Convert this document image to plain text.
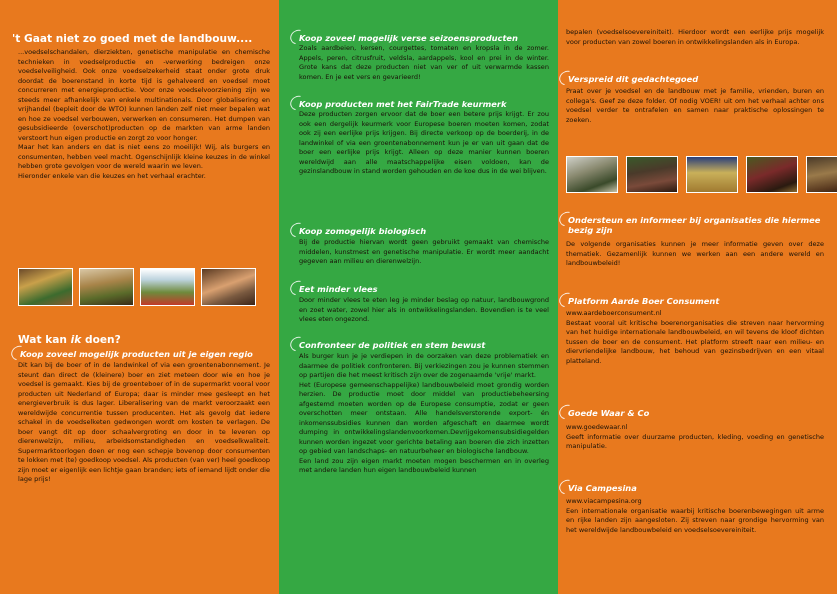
't Gaat niet zo goed met de landbouw....

...voedselschandalen, dierziekten, genetische manipulatie en chemische technieken in voedselproductie en -verwerking bedreigen onze voedselveiligheid. Ook onze voedselzekerheid staat onder grote druk doordat de boerenstand in korte tijd is gehalveerd en voedsel moet concurreren met energieproductie. Voor onze voedselvoorziening zijn we steeds meer afhankelijk van enkele multinationals. Door globalisering en vrijhandel (bepleit door de WTO) kunnen landen zelf niet meer bepalen wat en hoe ze voedsel verbouwen, verwerken en consumeren. Het dumpen van gesubsidieerde (overschot)producten op de markten van arme landen verstoort hun eigen productie en zorgt zo voor honger.

Maar het kan anders en dat is niet eens zo moeilijk! Wij, als burgers en consumenten, hebben veel macht. Ogenschijnlijk kleine keuzes in de winkel hebben grote gevolgen voor de wereld waarin we leven.

Hieronder enkele van die keuzes en het verhaal erachter.

Wat kan ik doen?
Koop zoveel mogelijk producten uit je eigen regio

Dit kan bij de boer of in de landwinkel of via een groentenabonnement. Je steunt dan direct de (kleinere) boer en ziet meteen door wie en hoe je voedsel is gemaakt. Kies bij de groenteboer of in de supermarkt vooral voor producten uit Nederland of Europa; daar is minder mee gesleept en het energieverbruik is dus lager. Liberalisering van de markt veroorzaakt een wereldwijde concurrentie tussen producenten. Het als gevolg dat iedere schakel in de voedselketen gedwongen wordt om kosten te verlagen. De boer vangt dit op door schaalvergroting en door in te leveren op dierenwelzijn, milieu, arbeidsomstandigheden en voedselkwaliteit. Supermarktoorlogen doen er nog een schepje bovenop door consumenten te lokken met (te) goedkoop voedsel. Als producten (van ver) heel goedkoop zijn moet er eigenlijk een lichtje gaan branden; iets of iemand lijdt onder die lage prijs!

Koop zoveel mogelijk verse seizoensproducten

Zoals aardbeien, kersen, courgettes, tomaten en kropsla in de zomer. Appels, peren, citrusfruit, veldsla, aardappels, kool en prei in de winter. Grote kans dat deze producten niet van ver of uit verwarmde kassen komen. En je eet vers en gevarieerd!

Koop producten met het FairTrade keurmerk

Deze producten zorgen ervoor dat de boer een betere prijs krijgt. Er zou ook een dergelijk keurmerk voor Europese boeren moeten komen, zodat ook zij een eerlijke prijs krijgen. Bij directe verkoop op de boerderij, in de landwinkel of via een groentenabonnement kun je er van uit gaan dat de boer een eerlijke prijs krijgt. Alleen op deze manier kunnen boeren wereldwijd aan alle maatschappelijke eisen voldoen, kan de gezinslandbouw in stand worden gehouden en de koe dus in de wei blijven.

Koop zomogelijk biologisch

Bij de productie hiervan wordt geen gebruikt gemaakt van chemische middelen, kunstmest en genetische manipulatie. Er wordt meer aandacht gegeven aan milieu en dierenwelzijn.

Eet minder vlees

Door minder vlees te eten leg je minder beslag op natuur, landbouwgrond en zoet water, zowel hier als in ontwikkelingslanden. Bovendien is te veel vlees eten ongezond.

Confronteer de politiek en stem bewust

Als burger kun je je verdiepen in de oorzaken van deze problematiek en daarmee de politiek confronteren. Bij verkiezingen zou je kunnen stemmen op partijen die het meest kritisch zijn over de zogenaamde 'vrije' markt.

Het (Europese gemeenschappelijke) landbouwbeleid moet grondig worden herzien. De productie moet door middel van productiebeheersing afgestemd moeten worden op de Europese consumptie, zodat er geen overschotten meer ontstaan. Alle handelsverstorende export- én inkomenssubsidies kunnen dan worden afgeschaft en daarmee wordt dumping in ontwikkelingslandenvoorkomen.Devrijgekomensubsidiegelden kunnen worden ingezet voor gerichte betaling aan boeren die zich inzetten op gebied van landschaps- en natuurbeheer en biologische landbouw.

Een land zou zijn eigen markt moeten mogen beschermen en in overleg met andere landen hun eigen landbouwbeleid kunnen

bepalen (voedselsoevereiniteit). Hierdoor wordt een eerlijke prijs mogelijk voor producten van zowel boeren in ontwikkelingslanden als in Europa.

Verspreid dit gedachtegoed

Praat over je voedsel en de landbouw met je familie, vrienden, buren en collega's. Geef ze deze folder. Of nodig VOER! uit om het verhaal achter ons voedsel verder te ontrafelen en samen naar praktische oplossingen te zoeken.

Ondersteun en informeer bij organisaties die hiermee bezig zijn

De volgende organisaties kunnen je meer informatie geven over deze thematiek. Gezamenlijk kunnen we werken aan een andere wereld en landbouwbeleid!

Platform Aarde Boer Consument

www.aardeboerconsument.nl

Bestaat vooral uit kritische boerenorganisaties die streven naar hervorming van het huidige internationale landbouwbeleid, en wil tevens de kloof dichten tussen de boer en de consument. Het platform streeft naar een milieu- en diervriendelijke landbouw, het behoud van gezinsbedrijven en een vitaal platteland.

Goede Waar & Co

www.goedewaar.nl

Geeft informatie over duurzame producten, kleding, voeding en genetische manipulatie.

Via Campesina

www.viacampesina.org

Een internationale organisatie waarbij kritische boerenbewegingen uit arme en rijke landen zijn aangesloten. Zij streven naar grondige hervorming van het wereldwijde landbouwbeleid en voedselsoevereiniteit.
